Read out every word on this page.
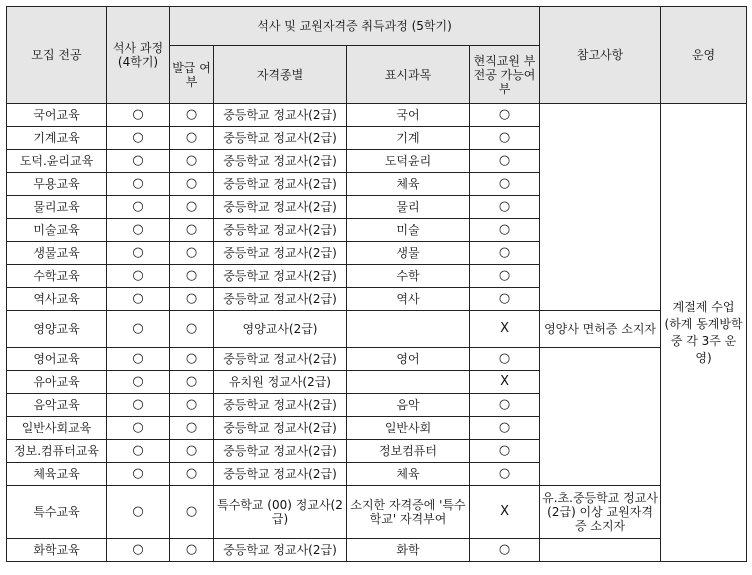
모집 전공	석사 과정 (4학기)	석사 및 교원자격증 취득과정 (5학기)				참고사항	운영
		발급 여부	자격종별	표시과목	현직교원 부전공 가능여부		
국어교육	○	○	중등학교 정교사(2급)	국어	○		계절제 수업 (하계 동계방학 중 각 3주 운영)
기계교육	○	○	중등학교 정교사(2급)	기계	○		
도덕.윤리교육	○	○	중등학교 정교사(2급)	도덕윤리	○		
무용교육	○	○	중등학교 정교사(2급)	체육	○		
물리교육	○	○	중등학교 정교사(2급)	물리	○		
미술교육	○	○	중등학교 정교사(2급)	미술	○		
생물교육	○	○	중등학교 정교사(2급)	생물	○		
수학교육	○	○	중등학교 정교사(2급)	수학	○		
역사교육	○	○	중등학교 정교사(2급)	역사	○		
영양교육	○	○	영양교사(2급)		X	영양사 면허증 소지자	
영어교육	○	○	중등학교 정교사(2급)	영어	○		
유아교육	○	○	유치원 정교사(2급)		X		
음악교육	○	○	중등학교 정교사(2급)	음악	○		
일반사회교육	○	○	중등학교 정교사(2급)	일반사회	○		
정보.컴퓨터교육	○	○	중등학교 정교사(2급)	정보컴퓨터	○		
체육교육	○	○	중등학교 정교사(2급)	체육	○		
특수교육	○	○	특수학교 (00) 정교사(2급)	소지한 자격증에 '특수학교' 자격부여	X	유.초.중등학교 정교사(2급) 이상 교원자격증 소지자	
화학교육	○	○	중등학교 정교사(2급)	화학	○		
